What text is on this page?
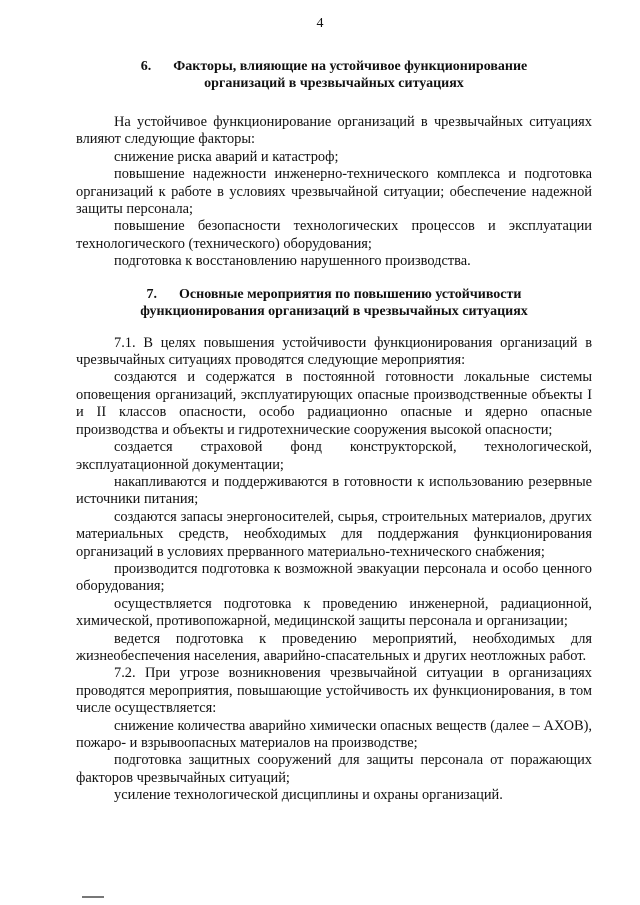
4

6. Факторы, влияющие на устойчивое функционирование
организаций в чрезвычайных ситуациях

На устойчивое функционирование организаций в чрезвычайных ситуациях влияют следующие факторы:

снижение риска аварий и катастроф;

повышение надежности инженерно-технического комплекса и подготовка организаций к работе в условиях чрезвычайной ситуации; обеспечение надежной защиты персонала;

повышение безопасности технологических процессов и эксплуатации технологического (технического) оборудования;

подготовка к восстановлению нарушенного производства.

7. Основные мероприятия по повышению устойчивости
функционирования организаций в чрезвычайных ситуациях

7.1. В целях повышения устойчивости функционирования организаций в чрезвычайных ситуациях проводятся следующие мероприятия:

создаются и содержатся в постоянной готовности локальные системы оповещения организаций, эксплуатирующих опасные производственные объекты I и II классов опасности, особо радиационно опасные и ядерно опасные производства и объекты и гидротехнические сооружения высокой опасности;

создается страховой фонд конструкторской, технологической, эксплуатационной документации;

накапливаются и поддерживаются в готовности к использованию резервные источники питания;

создаются запасы энергоносителей, сырья, строительных материалов, других материальных средств, необходимых для поддержания функционирования организаций в условиях прерванного материально-технического снабжения;

производится подготовка к возможной эвакуации персонала и особо ценного оборудования;

осуществляется подготовка к проведению инженерной, радиационной, химической, противопожарной, медицинской защиты персонала и организации;

ведется подготовка к проведению мероприятий, необходимых для жизнеобеспечения населения, аварийно-спасательных и других неотложных работ.

7.2. При угрозе возникновения чрезвычайной ситуации в организациях проводятся мероприятия, повышающие устойчивость их функционирования, в том числе осуществляется:

снижение количества аварийно химически опасных веществ (далее – АХОВ), пожаро- и взрывоопасных материалов на производстве;

подготовка защитных сооружений для защиты персонала от поражающих факторов чрезвычайных ситуаций;

усиление технологической дисциплины и охраны организаций.
